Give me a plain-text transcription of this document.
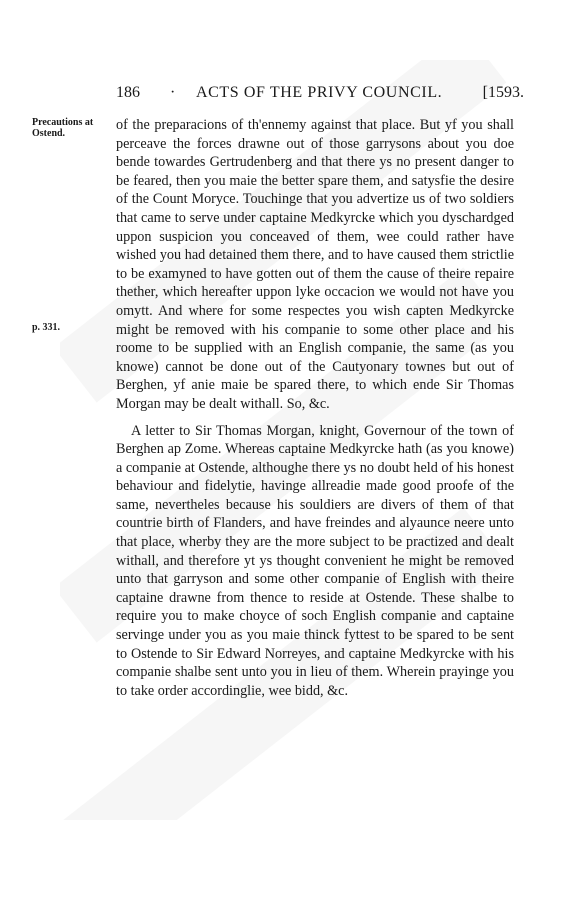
186 · ACTS OF THE PRIVY COUNCIL.	[1593.
Precautions at Ostend.
p. 331.

of the preparacions of th'ennemy against that place. But yf you shall perceave the forces drawne out of those garrysons about you doe bende towardes Gertrudenberg and that there ys no present danger to be feared, then you maie the better spare them, and satysfie the desire of the Count Moryce. Touchinge that you advertize us of two soldiers that came to serve under captaine Medkyrcke which you dyschardged uppon suspicion you conceaved of them, wee could rather have wished you had detained them there, and to have caused them strictlie to be examyned to have gotten out of them the cause of theire repaire thether, which hereafter uppon lyke occacion we would not have you omytt. And where for some respectes you wish capten Medkyrcke might be removed with his companie to some other place and his roome to be supplied with an English companie, the same (as you knowe) cannot be done out of the Cautyonary townes but out of Berghen, yf anie maie be spared there, to which ende Sir Thomas Morgan may be dealt withall. So, &c.

A letter to Sir Thomas Morgan, knight, Governour of the town of Berghen ap Zome. Whereas captaine Medkyrcke hath (as you knowe) a companie at Ostende, althoughe there ys no doubt held of his honest behaviour and fidelytie, havinge allreadie made good proofe of the same, nevertheles because his souldiers are divers of them of that countrie birth of Flanders, and have freindes and alyaunce neere unto that place, wherby they are the more subject to be practized and dealt withall, and therefore yt ys thought convenient he might be removed unto that garryson and some other companie of English with theire captaine drawne from thence to reside at Ostende. These shalbe to require you to make choyce of soch English companie and captaine servinge under you as you maie thinck fyttest to be spared to be sent to Ostende to Sir Edward Norreyes, and captaine Medkyrcke with his companie shalbe sent unto you in lieu of them. Wherein prayinge you to take order accordinglie, wee bidd, &c.
